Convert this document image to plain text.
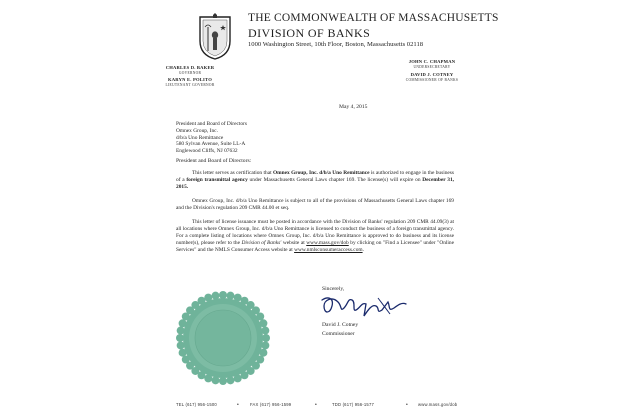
THE COMMONWEALTH OF MASSACHUSETTS
DIVISION OF BANKS
1000 Washington Street, 10th Floor, Boston, Massachusetts 02118
CHARLES D. BAKER
GOVERNOR
KARYN E. POLITO
LIEUTENANT GOVERNOR
JOHN C. CHAPMAN
UNDERSECRETARY
DAVID J. COTNEY
COMMISSIONER OF BANKS
May 4, 2015
President and Board of Directors
Omnex Group, Inc.
d/b/a Uno Remittance
580 Sylvan Avenue, Suite LL-A
Englewood Cliffs, NJ 07632
President and Board of Directors:
This letter serves as certification that Omnex Group, Inc. d/b/a Uno Remittance is authorized to engage in the business of a foreign transmittal agency under Massachusetts General Laws chapter 169. The license(s) will expire on December 31, 2015.
Omnex Group, Inc. d/b/a Uno Remittance is subject to all of the provisions of Massachusetts General Laws chapter 169 and the Division's regulation 209 CMR 44.00 et seq.
This letter of license issuance must be posted in accordance with the Division of Banks' regulation 209 CMR 44.09(3) at all locations where Omnex Group, Inc. d/b/a Uno Remittance is licensed to conduct the business of a foreign transmittal agency. For a complete listing of locations where Omnex Group, Inc. d/b/a Uno Remittance is approved to do business and its license number(s), please refer to the Division of Banks' website at www.mass.gov/dob by clicking on "Find a Licensee" under "Online Services" and the NMLS Consumer Access website at www.nmlsconsumeraccess.com.
Sincerely,
David J. Cotney
Commissioner
TEL (617) 956-1500	•	FAX (617) 956-1599	•	TDD (617) 956-1577	• www.mass.gov/dob
